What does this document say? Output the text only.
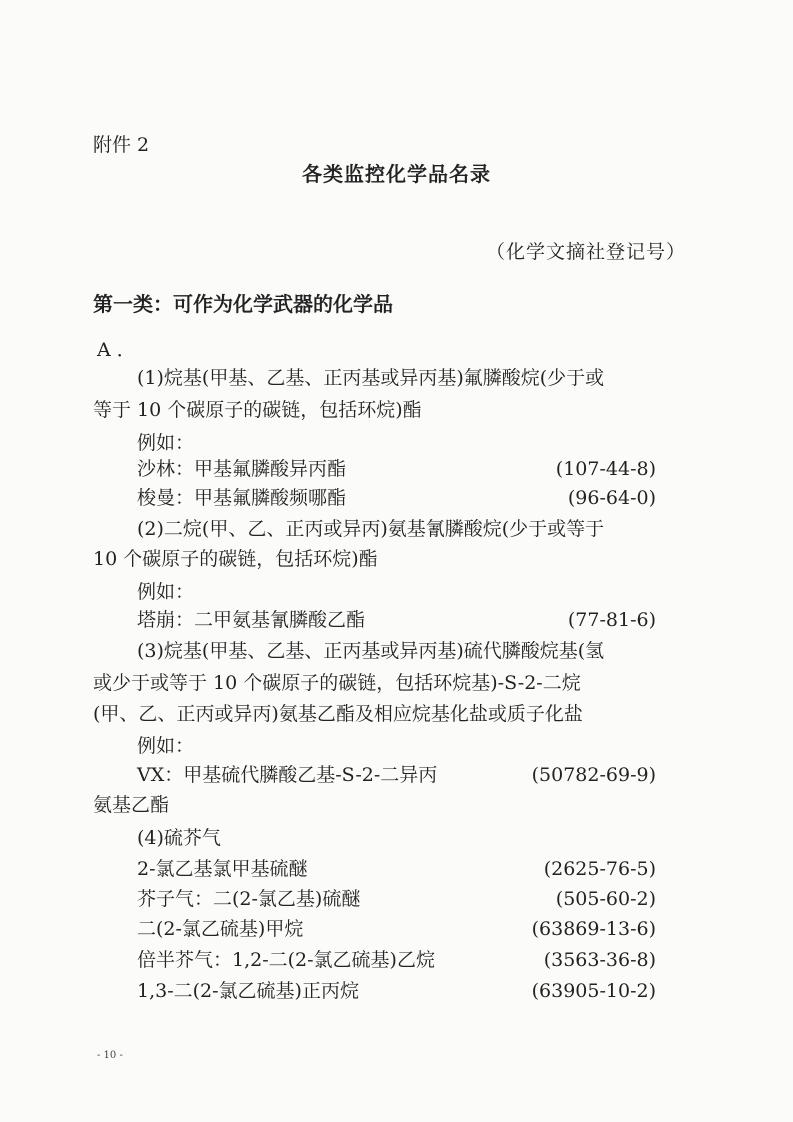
附件 2
各类监控化学品名录
（化学文摘社登记号）
第一类：可作为化学武器的化学品
A．
(1)烷基(甲基、乙基、正丙基或异丙基)氟膦酸烷(少于或
等于 10 个碳原子的碳链，包括环烷)酯
例如：
沙林：甲基氟膦酸异丙酯	(107-44-8)
梭曼：甲基氟膦酸频哪酯	(96-64-0)
(2)二烷(甲、乙、正丙或异丙)氨基氰膦酸烷(少于或等于
10 个碳原子的碳链，包括环烷)酯
例如：
塔崩：二甲氨基氰膦酸乙酯	(77-81-6)
(3)烷基(甲基、乙基、正丙基或异丙基)硫代膦酸烷基(氢
或少于或等于 10 个碳原子的碳链，包括环烷基)-S-2-二烷
(甲、乙、正丙或异丙)氨基乙酯及相应烷基化盐或质子化盐
例如：
VX：甲基硫代膦酸乙基-S-2-二异丙	(50782-69-9)
氨基乙酯
(4)硫芥气
2-氯乙基氯甲基硫醚	(2625-76-5)
芥子气：二(2-氯乙基)硫醚	(505-60-2)
二(2-氯乙硫基)甲烷	(63869-13-6)
倍半芥气：1,2-二(2-氯乙硫基)乙烷	(3563-36-8)
1,3-二(2-氯乙硫基)正丙烷	(63905-10-2)
- 10 -
